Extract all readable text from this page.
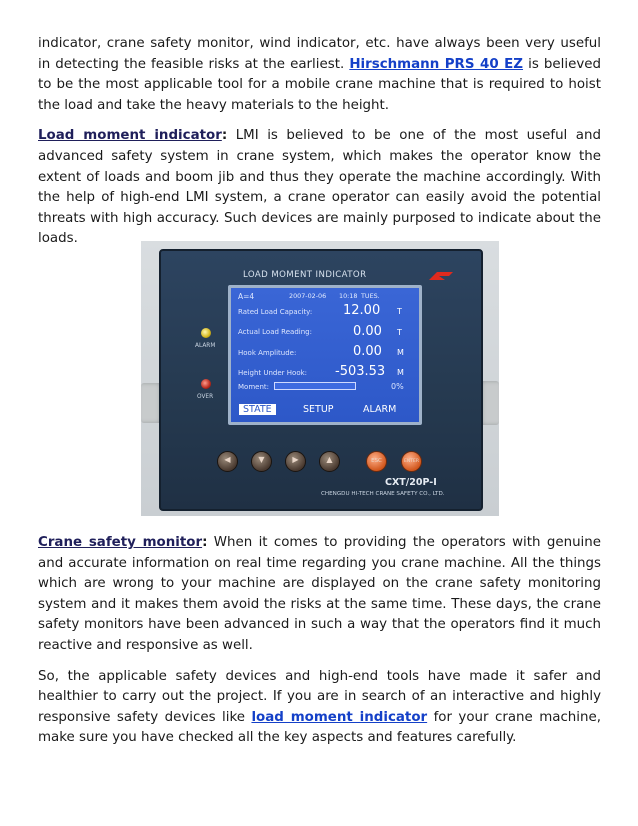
indicator, crane safety monitor, wind indicator, etc. have always been very useful in detecting the feasible risks at the earliest. Hirschmann PRS 40 EZ is believed to be the most applicable tool for a mobile crane machine that is required to hoist the load and take the heavy materials to the height.

Load moment indicator: LMI is believed to be one of the most useful and advanced safety system in crane system, which makes the operator know the extent of loads and boom jib and thus they operate the machine accordingly. With the help of high-end LMI system, a crane operator can easily avoid the potential threats with high accuracy. Such devices are mainly purposed to indicate about the loads.

LOAD MOMENT INDICATOR
ALARM
OVER
A=4	2007-02-06 10:18 TUES.
Rated Load Capacity: 12.00 T
Actual Load Reading:	0.00 T
Hook Amplitude:	0.00 M
Height Under Hook: -503.53 M
Moment:	0%
STATE	SETUP	ALARM
◀	▼	▶	▲	ESC	ENTER
CXT/20P-I
CHENGDU HI-TECH CRANE SAFETY CO., LTD.

Crane safety monitor: When it comes to providing the operators with genuine and accurate information on real time regarding you crane machine. All the things which are wrong to your machine are displayed on the crane safety monitoring system and it makes them avoid the risks at the same time. These days, the crane safety monitors have been advanced in such a way that the operators find it much reactive and responsive as well.

So, the applicable safety devices and high-end tools have made it safer and healthier to carry out the project. If you are in search of an interactive and highly responsive safety devices like load moment indicator for your crane machine, make sure you have checked all the key aspects and features carefully.
